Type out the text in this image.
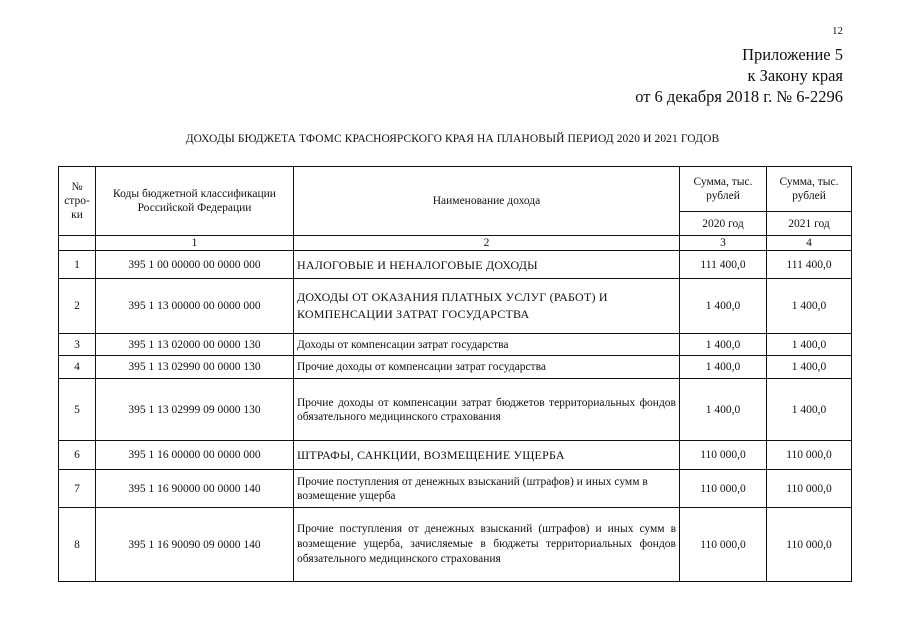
12
Приложение 5
к Закону края
от 6 декабря 2018 г. № 6-2296
ДОХОДЫ БЮДЖЕТА ТФОМС КРАСНОЯРСКОГО КРАЯ НА ПЛАНОВЫЙ ПЕРИОД 2020 И 2021 ГОДОВ
№ стро- ки	Коды бюджетной классификации Российской Федерации	Наименование дохода	Сумма, тыс. рублей	Сумма, тыс. рублей
			2020 год	2021 год
	1	2	3	4
1	395 1 00 00000 00 0000 000	НАЛОГОВЫЕ И НЕНАЛОГОВЫЕ ДОХОДЫ	111 400,0	111 400,0
2	395 1 13 00000 00 0000 000	ДОХОДЫ ОТ ОКАЗАНИЯ ПЛАТНЫХ УСЛУГ (РАБОТ) И КОМПЕНСАЦИИ ЗАТРАТ ГОСУДАРСТВА	1 400,0	1 400,0
3	395 1 13 02000 00 0000 130	Доходы от компенсации затрат государства	1 400,0	1 400,0
4	395 1 13 02990 00 0000 130	Прочие доходы от компенсации затрат государства	1 400,0	1 400,0
5	395 1 13 02999 09 0000 130	Прочие доходы от компенсации затрат бюджетов территориальных фондов обязательного медицинского страхования	1 400,0	1 400,0
6	395 1 16 00000 00 0000 000	ШТРАФЫ, САНКЦИИ, ВОЗМЕЩЕНИЕ УЩЕРБА	110 000,0	110 000,0
7	395 1 16 90000 00 0000 140	Прочие поступления от денежных взысканий (штрафов) и иных сумм в возмещение ущерба	110 000,0	110 000,0
8	395 1 16 90090 09 0000 140	Прочие поступления от денежных взысканий (штрафов) и иных сумм в возмещение ущерба, зачисляемые в бюджеты территориальных фондов обязательного медицинского страхования	110 000,0	110 000,0
